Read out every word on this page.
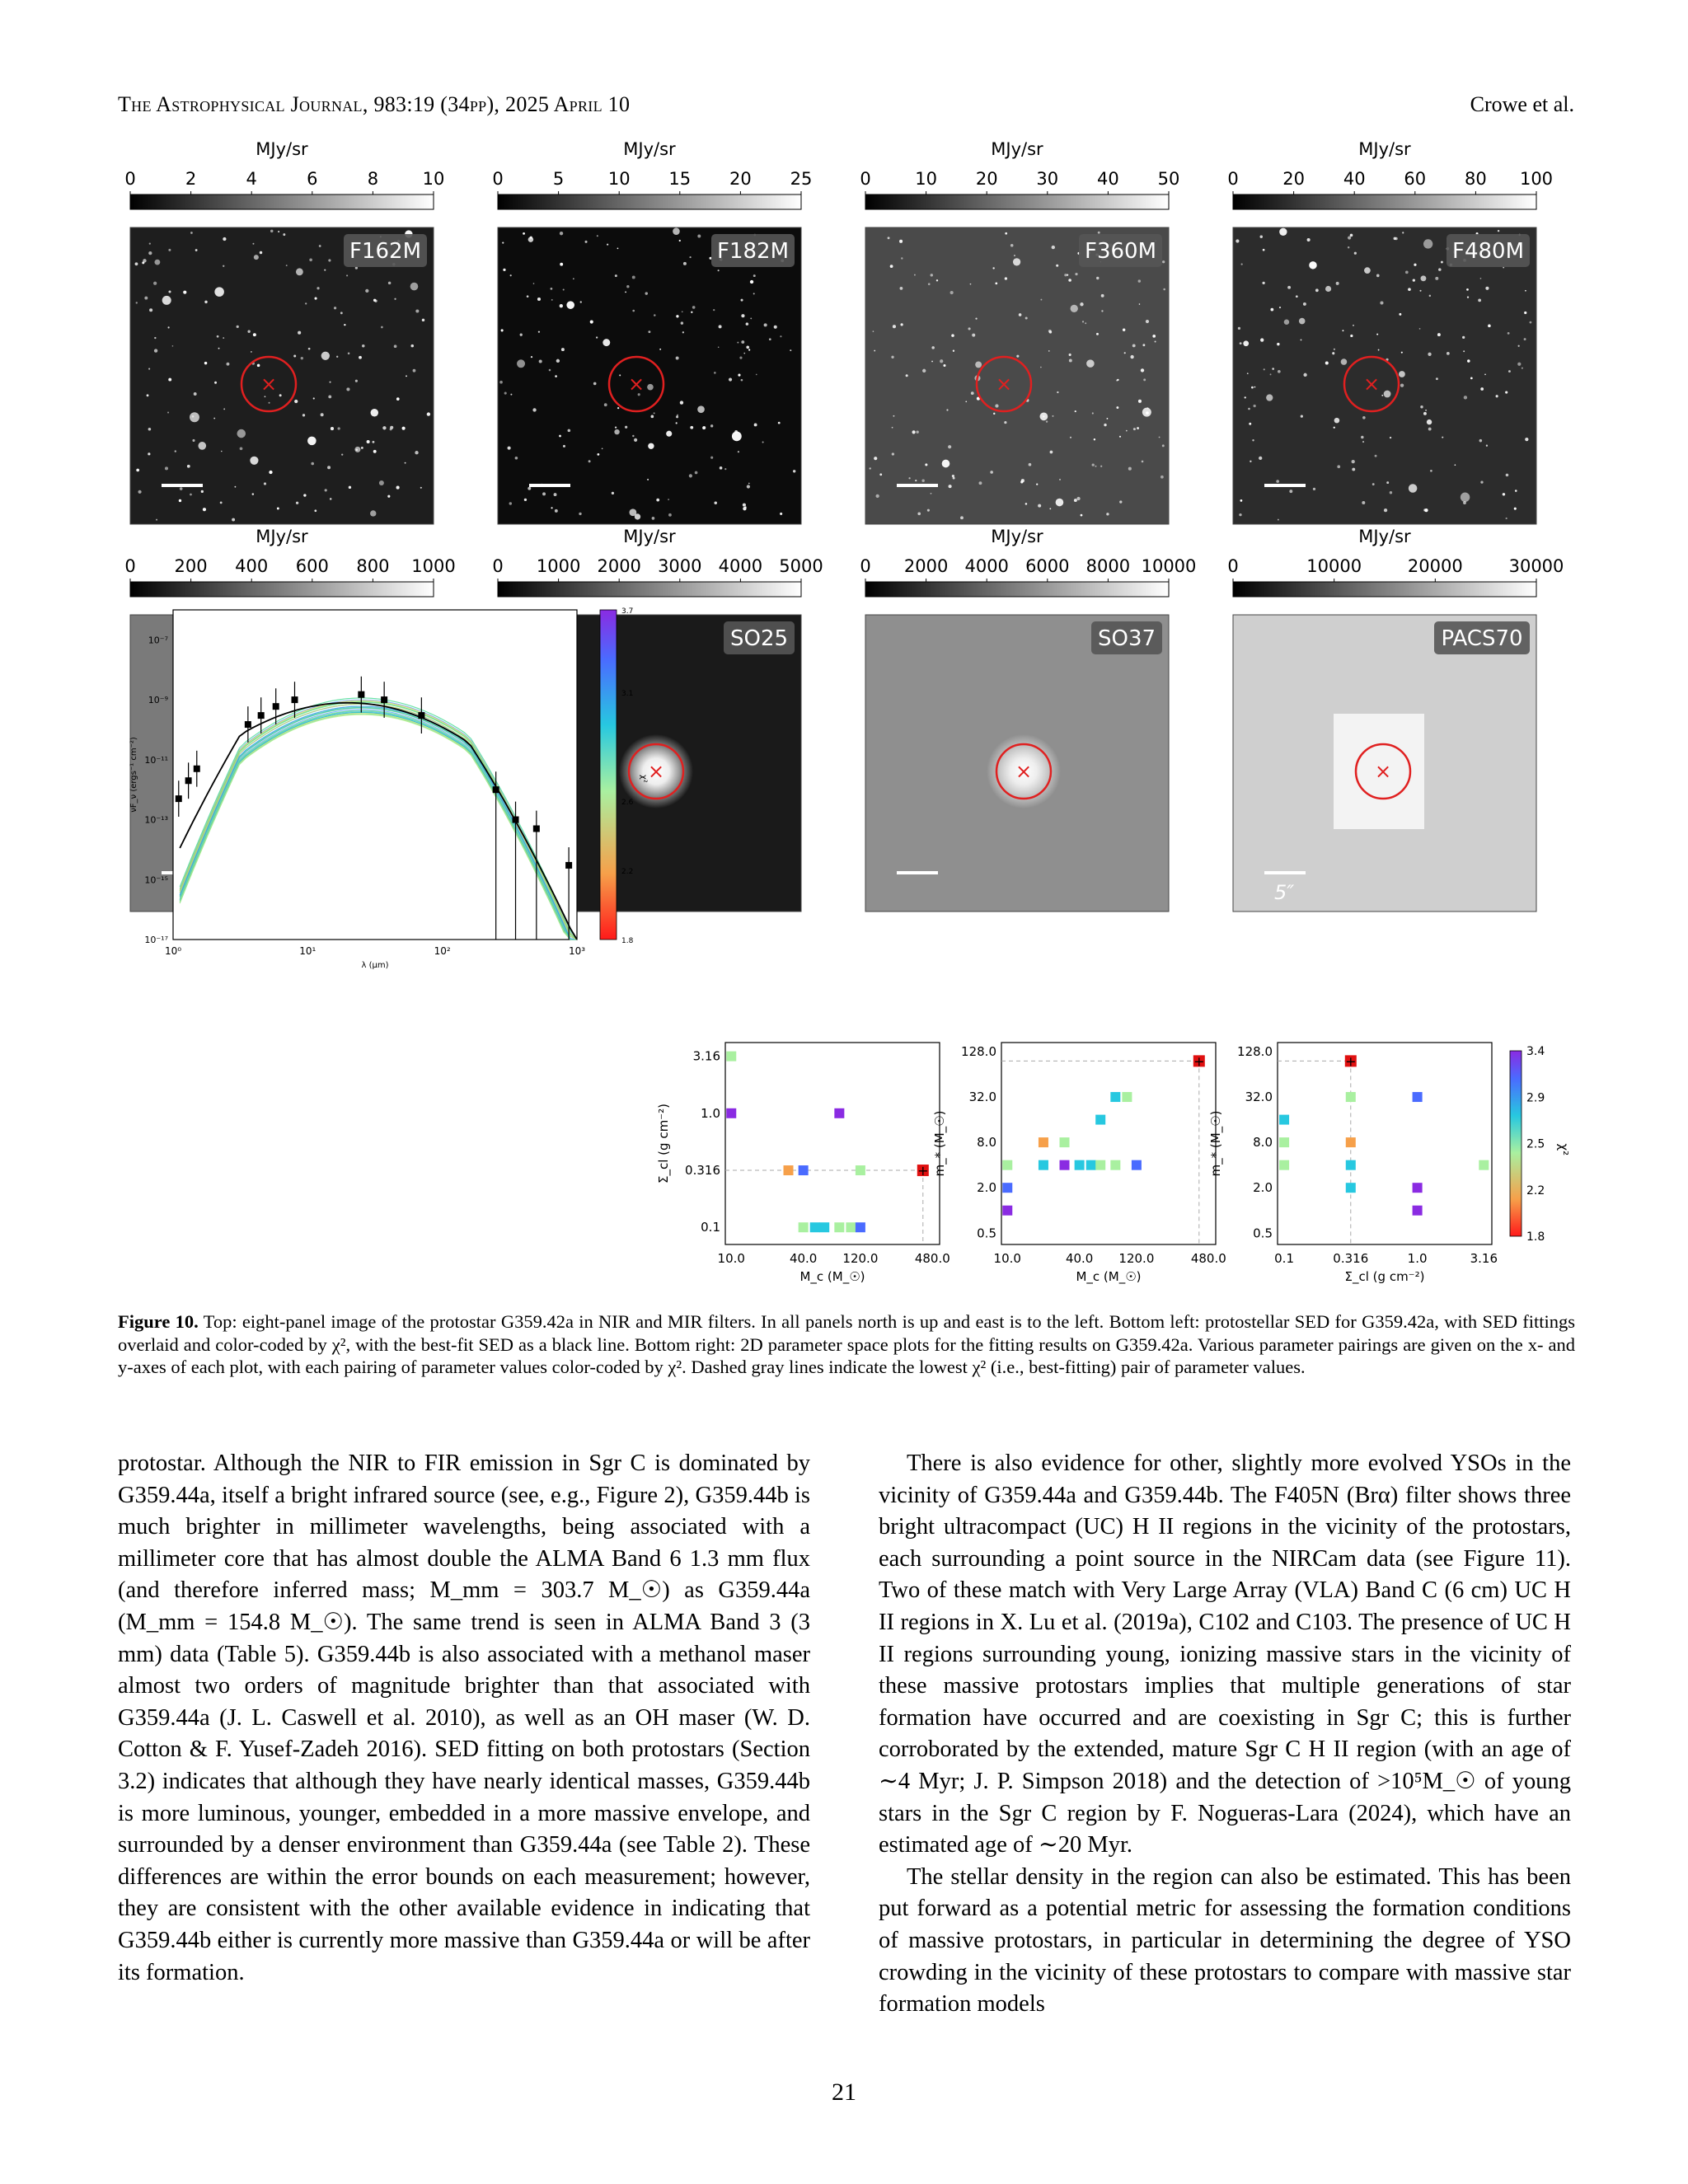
The Astrophysical Journal, 983:19 (34pp), 2025 April 10	Crowe et al.
MJy/sr
0	2	4	6	8	10
×
F162M
MJy/sr
0	5	10 15 20 25
×
F182M
MJy/sr
0	10 20 30 40 50
×
F360M
MJy/sr
0	20 40 60 80 100
×
F480M
MJy/sr
0 200 400 600 800 1000
MJy/sr
0 1000 2000 3000 4000 5000
×
SO25
MJy/sr
0 2000 4000 6000 8000 10000
×
SO37
MJy/sr
0	10000	20000	30000
×
PACS70
5″
10⁰	10¹	10²	10³
10⁻¹⁷
10⁻¹⁵
10⁻¹³
10⁻¹¹
10⁻⁹
10⁻⁷
λ (μm)
νF_ν (ergs⁻¹ cm⁻²)
1.8
2.2
2.6
3.1
3.7
χ²
10.0	40.0 120.0	480.0
0.1
0.316
1.0
3.16
M_c (M_☉)
Σ_cl (g cm⁻²)	+
10.0	40.0 120.0	480.0
0.5
2.0
8.0
32.0
128.0
M_c (M_☉)
m_* (M_☉)
+
0.1	0.316	1.0	3.16
0.5
2.0
8.0
32.0
128.0
Σ_cl (g cm⁻²)
m_* (M_☉)
+
1.8
2.2
2.5
2.9
3.4
χ²
Figure 10. Top: eight-panel image of the protostar G359.42a in NIR and MIR filters. In all panels north is up and east is to the left. Bottom left: protostellar SED for G359.42a, with SED fittings overlaid and color-coded by χ², with the best-fit SED as a black line. Bottom right: 2D parameter space plots for the fitting results on G359.42a. Various parameter pairings are given on the x- and y-axes of each plot, with each pairing of parameter values color-coded by χ². Dashed gray lines indicate the lowest χ² (i.e., best-fitting) pair of parameter values.

protostar. Although the NIR to FIR emission in Sgr C is dominated by G359.44a, itself a bright infrared source (see, e.g., Figure 2), G359.44b is much brighter in millimeter wavelengths, being associated with a millimeter core that has almost double the ALMA Band 6 1.3 mm flux (and therefore inferred mass; M_mm = 303.7 M_☉) as G359.44a (M_mm = 154.8 M_☉). The same trend is seen in ALMA Band 3 (3 mm) data (Table 5). G359.44b is also associated with a methanol maser almost two orders of magnitude brighter than that associated with G359.44a (J. L. Caswell et al. 2010), as well as an OH maser (W. D. Cotton & F. Yusef-Zadeh 2016). SED fitting on both protostars (Section 3.2) indicates that although they have nearly identical masses, G359.44b is more luminous, younger, embedded in a more massive envelope, and surrounded by a denser environment than G359.44a (see Table 2). These differences are within the error bounds on each measurement; however, they are consistent with the other available evidence in indicating that G359.44b either is currently more massive than G359.44a or will be after its formation.

There is also evidence for other, slightly more evolved YSOs in the vicinity of G359.44a and G359.44b. The F405N (Brα) filter shows three bright ultracompact (UC) H II regions in the vicinity of the protostars, each surrounding a point source in the NIRCam data (see Figure 11). Two of these match with Very Large Array (VLA) Band C (6 cm) UC H II regions in X. Lu et al. (2019a), C102 and C103. The presence of UC H II regions surrounding young, ionizing massive stars in the vicinity of these massive protostars implies that multiple generations of star formation have occurred and are coexisting in Sgr C; this is further corroborated by the extended, mature Sgr C H II region (with an age of ∼4 Myr; J. P. Simpson 2018) and the detection of >10⁵M_☉ of young stars in the Sgr C region by F. Nogueras-Lara (2024), which have an estimated age of ∼20 Myr.

The stellar density in the region can also be estimated. This has been put forward as a potential metric for assessing the formation conditions of massive protostars, in particular in determining the degree of YSO crowding in the vicinity of these protostars to compare with massive star formation models

21
